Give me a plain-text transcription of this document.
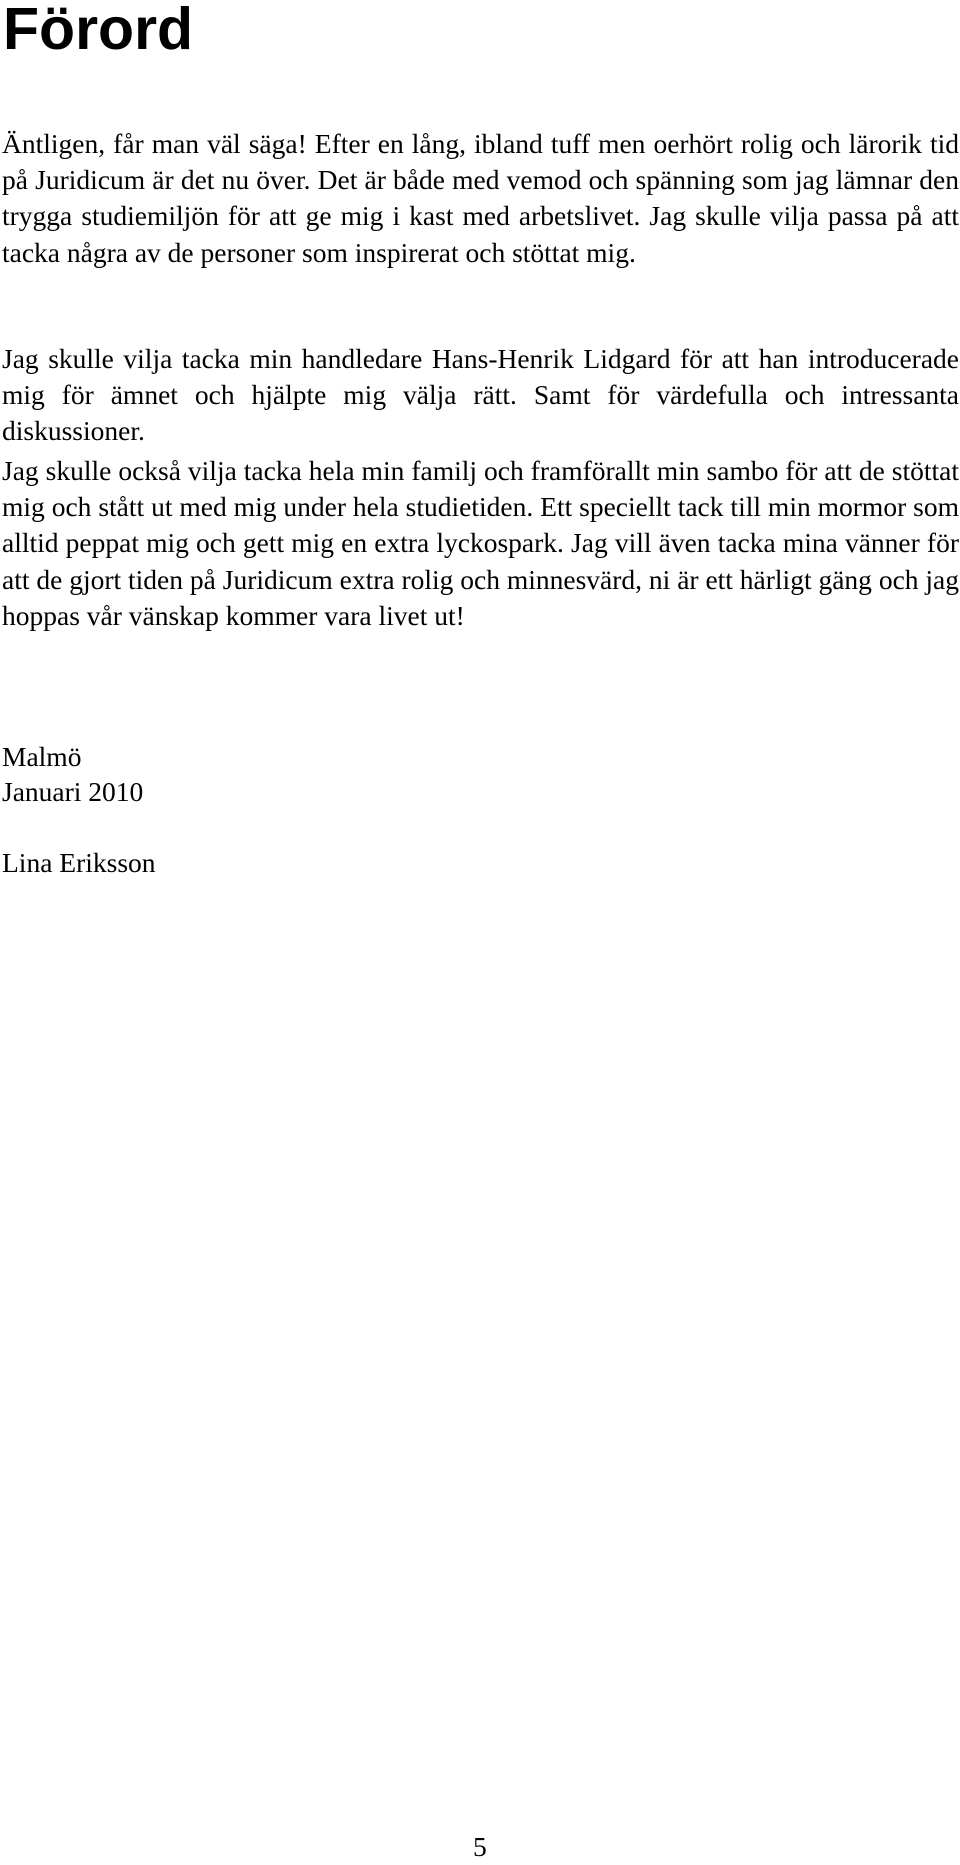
Förord

Äntligen, får man väl säga! Efter en lång, ibland tuff men oerhört rolig och lärorik tid på Juridicum är det nu över. Det är både med vemod och spänning som jag lämnar den trygga studiemiljön för att ge mig i kast med arbetslivet. Jag skulle vilja passa på att tacka några av de personer som inspirerat och stöttat mig.

Jag skulle vilja tacka min handledare Hans-Henrik Lidgard för att han introducerade mig för ämnet och hjälpte mig välja rätt. Samt för värdefulla och intressanta diskussioner.

Jag skulle också vilja tacka hela min familj och framförallt min sambo för att de stöttat mig och stått ut med mig under hela studietiden. Ett speciellt tack till min mormor som alltid peppat mig och gett mig en extra lyckospark. Jag vill även tacka mina vänner för att de gjort tiden på Juridicum extra rolig och minnesvärd, ni är ett härligt gäng och jag hoppas vår vänskap kommer vara livet ut!

Malmö

Januari 2010

Lina Eriksson

5
